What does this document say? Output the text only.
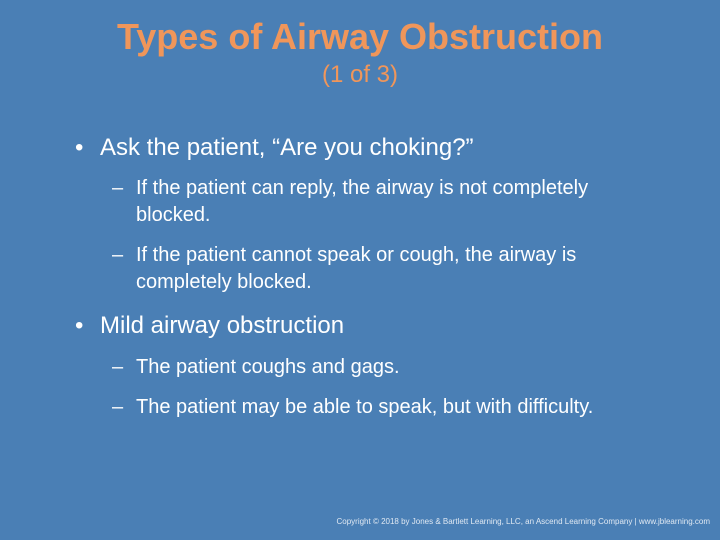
Types of Airway Obstruction

(1 of 3)

• Ask the patient, “Are you choking?”
– If the patient can reply, the airway is not completely blocked.
– If the patient cannot speak or cough, the airway is completely blocked.
• Mild airway obstruction
– The patient coughs and gags.
– The patient may be able to speak, but with difficulty.
Copyright © 2018 by Jones & Bartlett Learning, LLC, an Ascend Learning Company | www.jblearning.com
